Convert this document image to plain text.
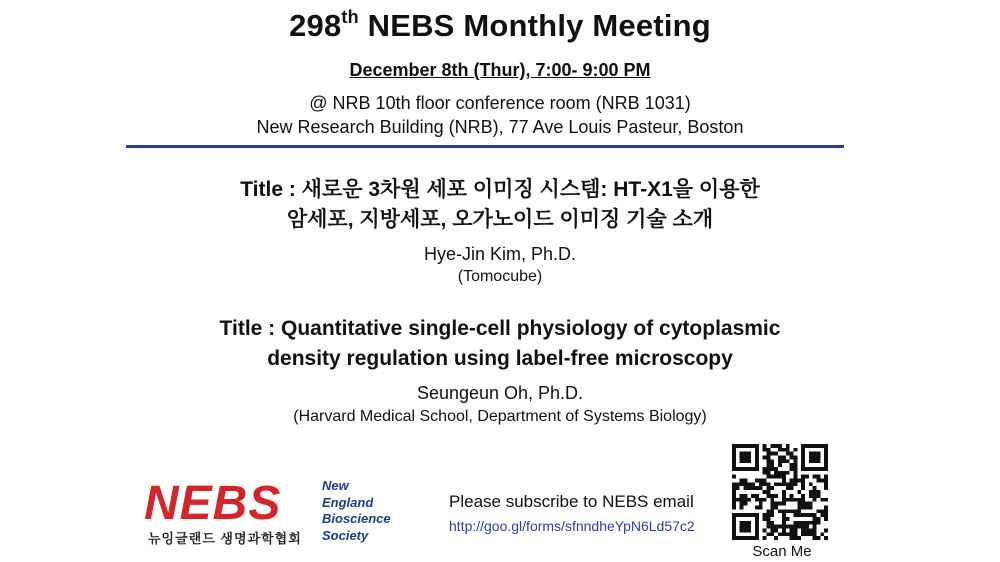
298th NEBS Monthly Meeting
December 8th (Thur), 7:00- 9:00 PM
@ NRB 10th floor conference room (NRB 1031)
New Research Building (NRB), 77 Ave Louis Pasteur, Boston
Title : 새로운 3차원 세포 이미징 시스템: HT-X1을 이용한
암세포, 지방세포, 오가노이드 이미징 기술 소개
Hye-Jin Kim, Ph.D.
(Tomocube)
Title : Quantitative single-cell physiology of cytoplasmic
density regulation using label-free microscopy
Seungeun Oh, Ph.D.
(Harvard Medical School, Department of Systems Biology)
NEBS
뉴잉글랜드 생명과학협회
New
England
Bioscience
Society
Please subscribe to NEBS email
http://goo.gl/forms/sfnndheYpN6Ld57c2
Scan Me
